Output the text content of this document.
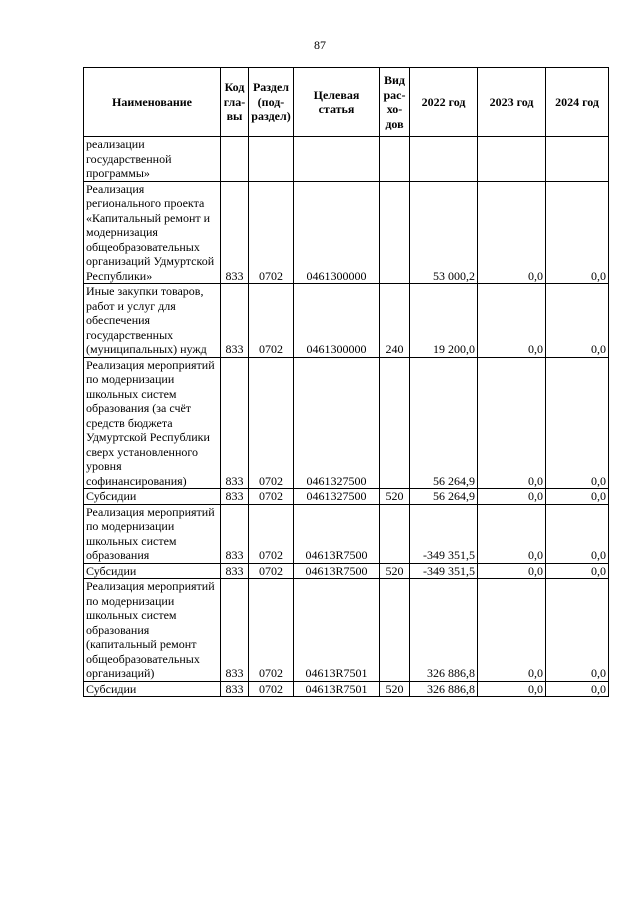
87
Наименование	Код гла-вы	Раздел (под-раздел)	Целевая статья	Вид рас-хо-дов	2022 год	2023 год	2024 год
реализации государственной программы»							
Реализация регионального проекта «Капитальный ремонт и модернизация общеобразовательных организаций Удмуртской Республики»	833	0702	0461300000		53 000,2	0,0	0,0
Иные закупки товаров, работ и услуг для обеспечения государственных (муниципальных) нужд	833	0702	0461300000	240	19 200,0	0,0	0,0
Реализация мероприятий по модернизации школьных систем образования (за счёт средств бюджета Удмуртской Республики сверх установленного уровня софинансирования)	833	0702	0461327500		56 264,9	0,0	0,0
Субсидии	833	0702	0461327500	520	56 264,9	0,0	0,0
Реализация мероприятий по модернизации школьных систем образования	833	0702	04613R7500		-349 351,5	0,0	0,0
Субсидии	833	0702	04613R7500	520	-349 351,5	0,0	0,0
Реализация мероприятий по модернизации школьных систем образования (капитальный ремонт общеобразовательных организаций)	833	0702	04613R7501		326 886,8	0,0	0,0
Субсидии	833	0702	04613R7501	520	326 886,8	0,0	0,0
